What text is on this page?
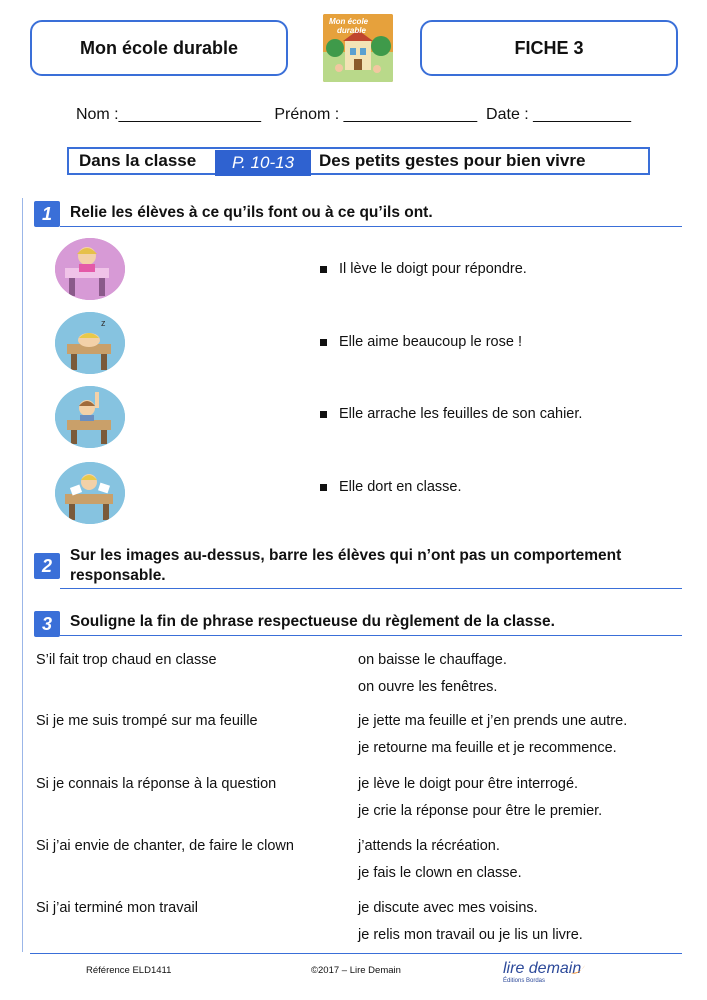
Mon école durable
Mon école
durable
FICHE 3
Nom :________________   Prénom : _______________  Date : ___________
Dans la classe	P. 10-13	Des petits gestes pour bien vivre
1	Relie les élèves à ce qu’ils font ou à ce qu’ils ont.
z
Il lève le doigt pour répondre.
Elle aime beaucoup le rose !
Elle arrache les feuilles de son cahier.
Elle dort en classe.
2	Sur les images au-dessus, barre les élèves qui n’ont pas un comportement
responsable.
3	Souligne la fin de phrase respectueuse du règlement de la classe.
S’il fait trop chaud en classe	on baisse le chauffage.
on ouvre les fenêtres.
Si je me suis trompé sur ma feuille	je jette ma feuille et j’en prends une autre.
je retourne ma feuille et je recommence.
Si je connais la réponse à la question	je lève le doigt pour être interrogé.
je crie la réponse pour être le premier.
Si j’ai envie de chanter, de faire le clown	j’attends la récréation.
je fais le clown en classe.
Si j’ai terminé mon travail	je discute avec mes voisins.
je relis mon travail ou je lis un livre.
Référence ELD1411	©2017 – Lire Demain	lire demain
Éditions Bordas
